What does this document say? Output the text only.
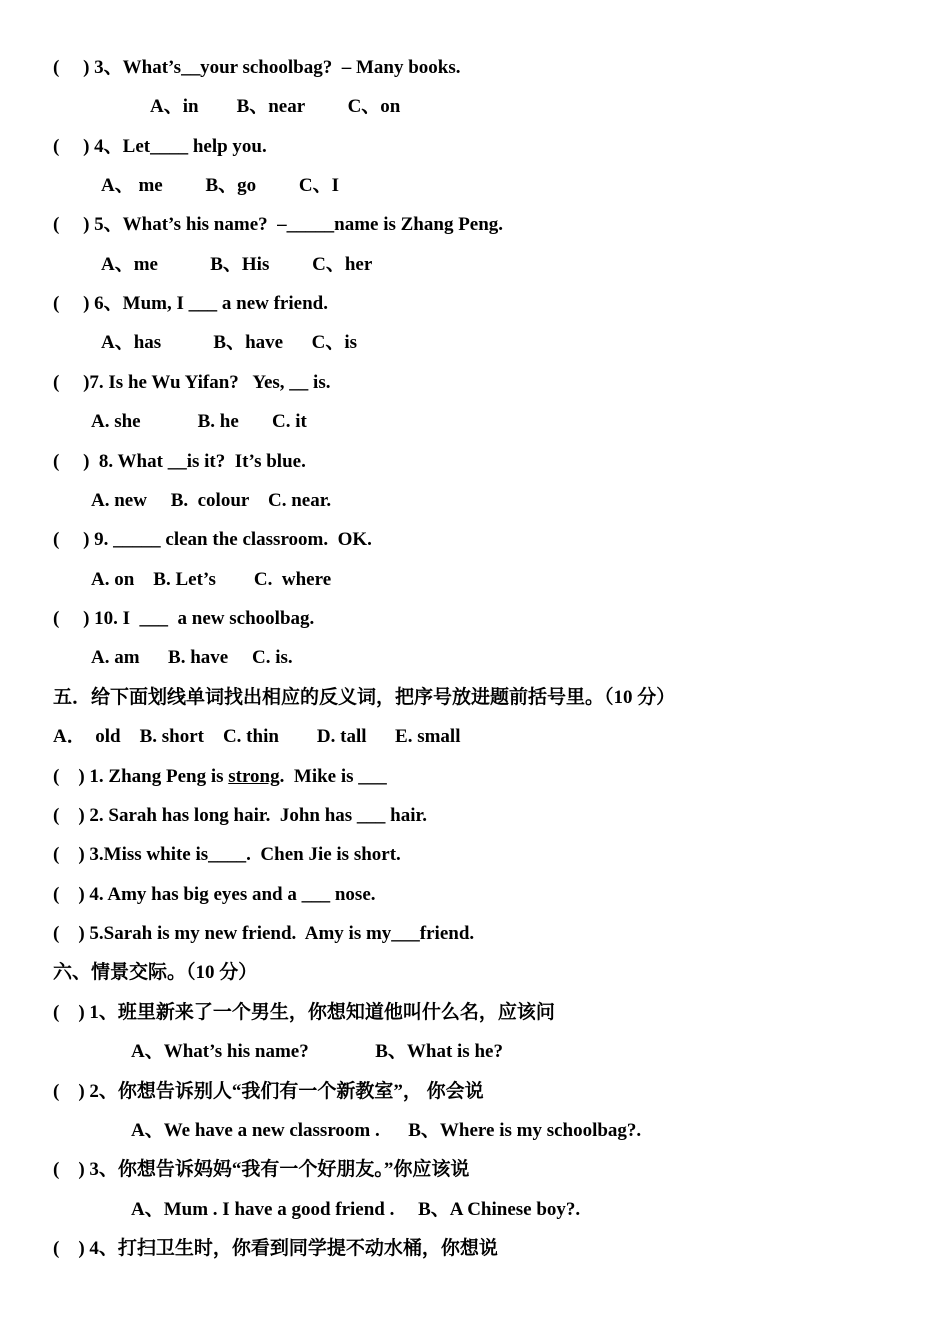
(     ) 3、What’s__your schoolbag?  – Many books.
A、in        B、near         C、on
(     ) 4、Let____ help you.
A、 me         B、go         C、I
(     ) 5、What’s his name?  –_____name is Zhang Peng.
A、me           B、His         C、her
(     ) 6、Mum, I ___ a new friend.
A、has           B、have      C、is
(     )7. Is he Wu Yifan?   Yes, __ is.
A. she            B. he       C. it
(     )  8. What __is it?  It’s blue.
A. new     B.  colour    C. near.
(     ) 9. _____ clean the classroom.  OK.
A. on    B. Let’s        C.  where
(     ) 10. I  ___  a new schoolbag.
A. am      B. have     C. is.
五．给下面划线单词找出相应的反义词，把序号放进题前括号里。（10 分）
A．  old    B. short    C. thin        D. tall      E. small
(    ) 1. Zhang Peng is strong.  Mike is ___
(    ) 2. Sarah has long hair.  John has ___ hair.
(    ) 3.Miss white is____.  Chen Jie is short.
(    ) 4. Amy has big eyes and a ___ nose.
(    ) 5.Sarah is my new friend.  Amy is my___friend.
六、情景交际。（10 分）
(    ) 1、班里新来了一个男生，你想知道他叫什么名，应该问
A、What’s his name?              B、What is he?
(    ) 2、你想告诉别人“我们有一个新教室”， 你会说
A、We have a new classroom .      B、Where is my schoolbag?.
(    ) 3、你想告诉妈妈“我有一个好朋友。”你应该说
A、Mum . I have a good friend .     B、A Chinese boy?.
(    ) 4、打扫卫生时，你看到同学提不动水桶，你想说
